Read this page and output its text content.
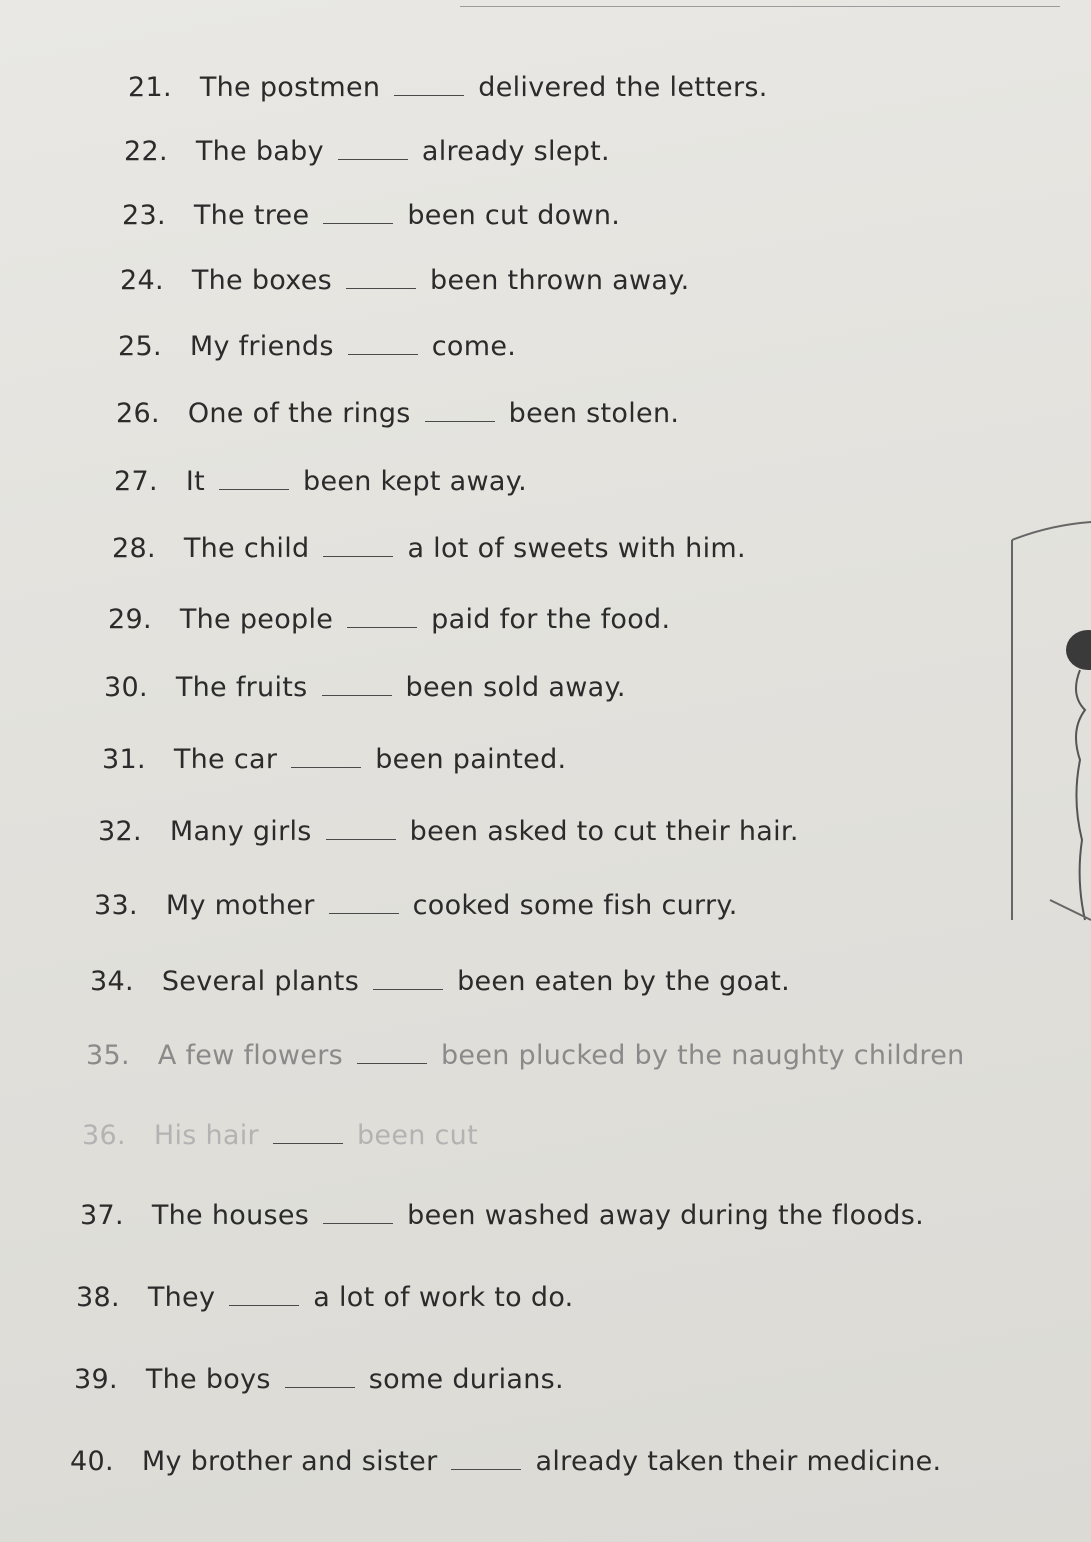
21. The postmen	delivered the letters.
22. The baby	already slept.
23. The tree	been cut down.
24. The boxes	been thrown away.
25. My friends	come.
26. One of the rings	been stolen.
27. It	been kept away.
28. The child	a lot of sweets with him.
29. The people	paid for the food.
30. The fruits	been sold away.
31. The car	been painted.
32. Many girls	been asked to cut their hair.
33. My mother	cooked some fish curry.
34. Several plants	been eaten by the goat.
35. A few flowers	been plucked by the naughty children
36. His hair	been cut
37. The houses	been washed away during the floods.
38. They	a lot of work to do.
39. The boys	some durians.
40. My brother and sister	already taken their medicine.
